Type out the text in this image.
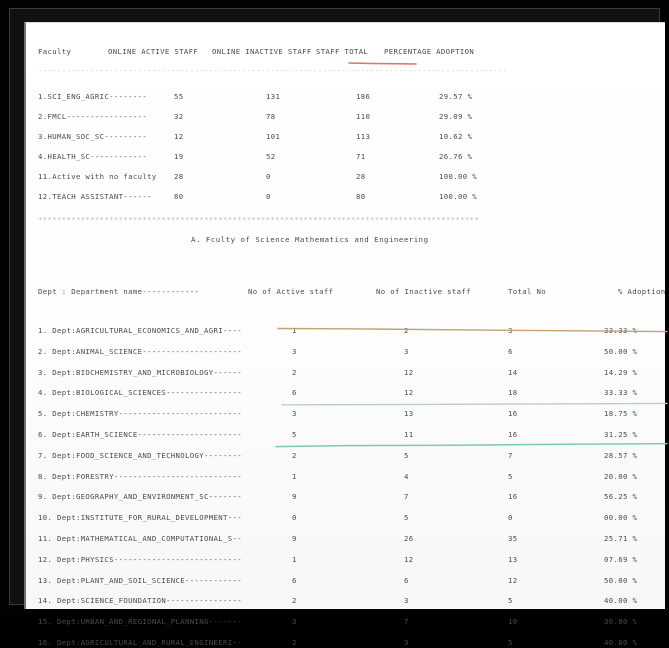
Faculty	ONLINE ACTIVE STAFF ONLINE INACTIVE STAFF STAFF TOTAL PERCENTAGE ADOPTION
---------------------------------------------------------------------------------------------------
1.SCI_ENG_AGRIC--------	55	131	186	29.57 %
2.FMCL-----------------	32	78	110	29.09 %
3.HUMAN_SOC_SC---------	12	101	113	10.62 %
4.HEALTH_SC------------	19	52	71	26.76 %
11.Active with no faculty 28	0	28	100.00 %
12.TEACH ASSISTANT------	80	0	80	100.00 %
*********************************************************************************************
A. Fculty of Science Mathematics and Engineering
Dept : Department name------------	No of Active staff	No of Inactive staff	Total No	% Adoption
1. Dept:AGRICULTURAL_ECONOMICS_AND_AGRI----	1	2	3	33.33 %
2. Dept:ANIMAL_SCIENCE---------------------	3	3	6	50.00 %
3. Dept:BIOCHEMISTRY_AND_MICROBIOLOGY------	2	12	14	14.29 %
4. Dept:BIOLOGICAL_SCIENCES----------------	6	12	18	33.33 %
5. Dept:CHEMISTRY--------------------------	3	13	16	18.75 %
6. Dept:EARTH_SCIENCE----------------------	5	11	16	31.25 %
7. Dept:FOOD_SCIENCE_AND_TECHNOLOGY--------	2	5	7	28.57 %
8. Dept:FORESTRY---------------------------	1	4	5	20.00 %
9. Dept:GEOGRAPHY_AND_ENVIRONMENT_SC-------	9	7	16	56.25 %
10. Dept:INSTITUTE_FOR_RURAL_DEVELOPMENT---	0	5	0	00.00 %
11. Dept:MATHEMATICAL_AND_COMPUTATIONAL_S--	9	26	35	25.71 %
12. Dept:PHYSICS---------------------------	1	12	13	07.69 %
13. Dept:PLANT_AND_SOIL_SCIENCE------------	6	6	12	50.00 %
14. Dept:SCIENCE_FOUNDATION----------------	2	3	5	40.00 %
15. Dept:URBAN_AND_REGIONAL_PLANNING-------	3	7	10	30.00 %
16. Dept:AGRICULTURAL_AND_RURAL_ENGINEERI--	2	3	5	40.00 %
